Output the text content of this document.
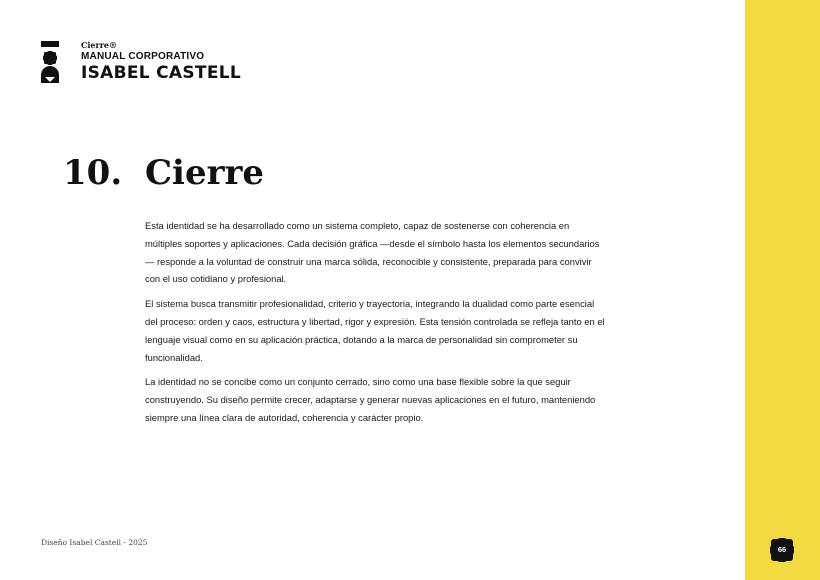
Cierre®
MANUAL CORPORATIVO
ISABEL CASTELL
10. Cierre

Esta identidad se ha desarrollado como un sistema completo, capaz de sostenerse con coherencia en múltiples soportes y aplicaciones. Cada decisión gráfica —desde el símbolo hasta los elementos secundarios— responde a la voluntad de construir una marca sólida, reconocible y consistente, preparada para convivir con el uso cotidiano y profesional.

El sistema busca transmitir profesionalidad, criterio y trayectoria, integrando la dualidad como parte esencial del proceso: orden y caos, estructura y libertad, rigor y expresión. Esta tensión controlada se refleja tanto en el lenguaje visual como en su aplicación práctica, dotando a la marca de personalidad sin comprometer su funcionalidad.

La identidad no se concibe como un conjunto cerrado, sino como una base flexible sobre la que seguir construyendo. Su diseño permite crecer, adaptarse y generar nuevas aplicaciones en el futuro, manteniendo siempre una línea clara de autoridad, coherencia y carácter propio.

Diseño Isabel Castell - 2025
66
